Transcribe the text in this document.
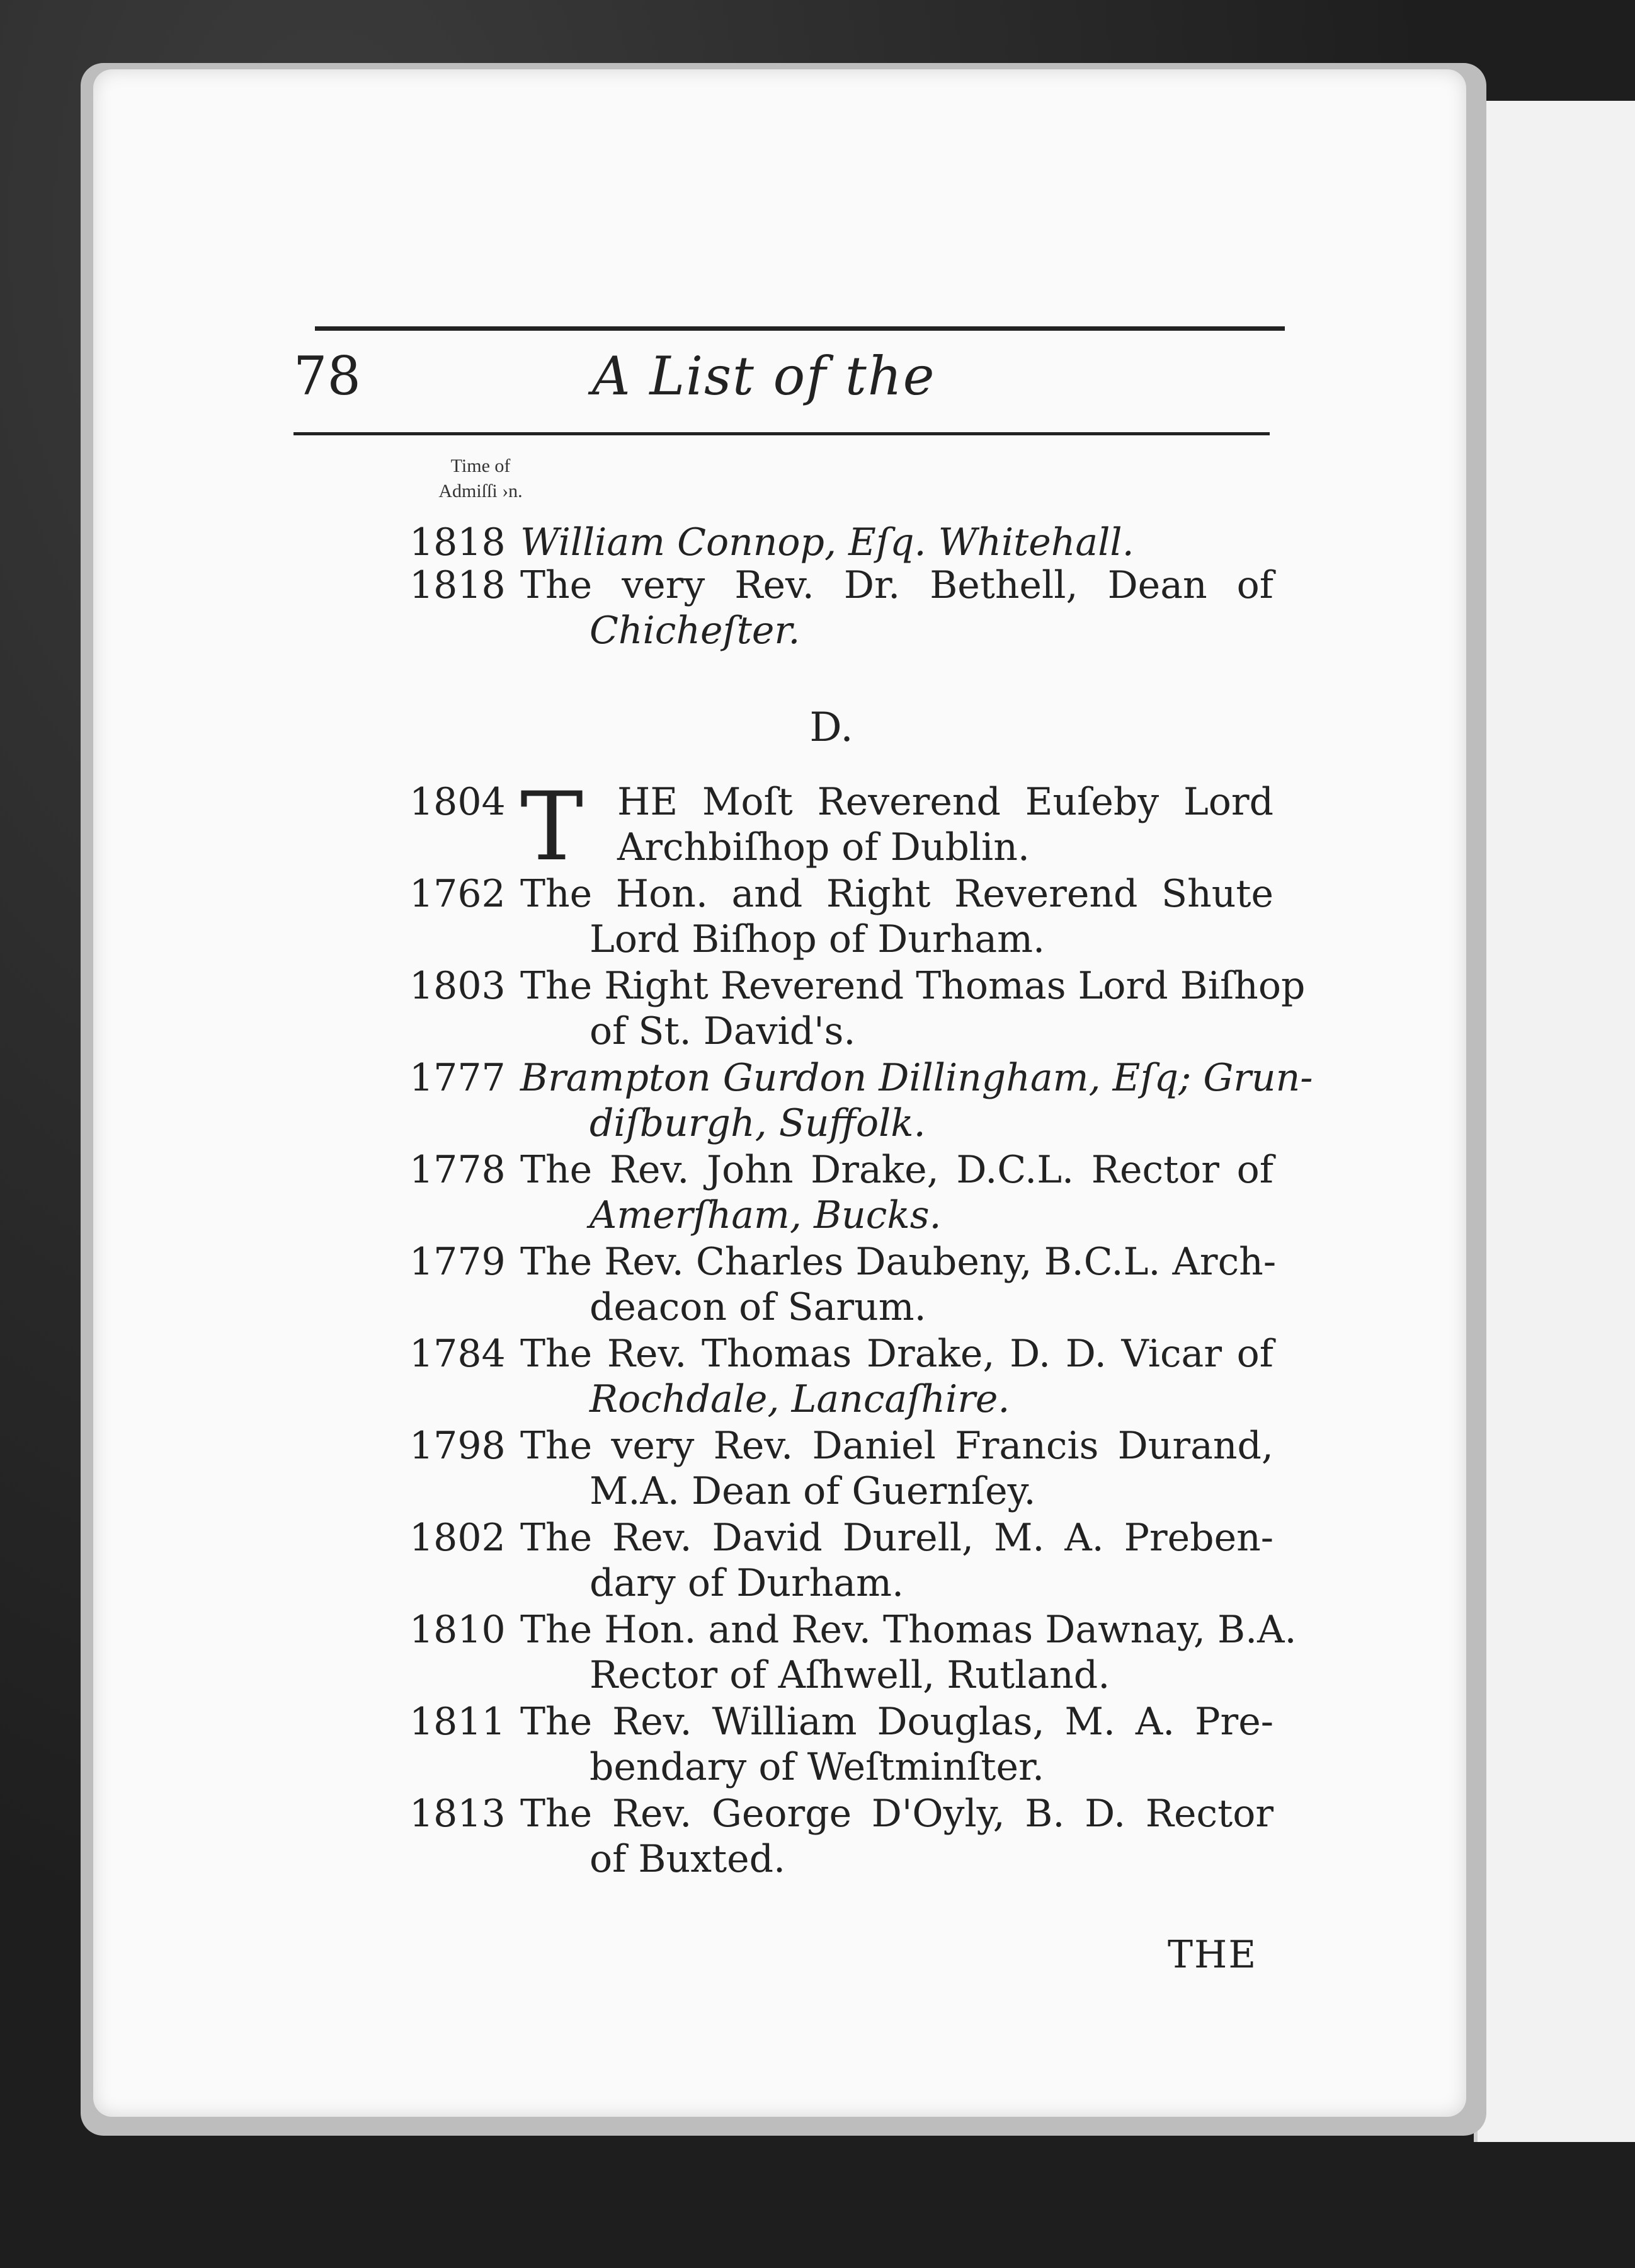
78	A List of the
Time of
Admiſſi ›n.
1818 William Connop, Eſq. Whitehall.
1818 The very Rev. Dr. Bethell, Dean of
Chicheſter.
D.
1804 T HE Moſt Reverend Euſeby Lord
Archbiſhop of Dublin.
1762 The Hon. and Right Reverend Shute
Lord Biſhop of Durham.
1803 The Right Reverend Thomas Lord Biſhop
of St. David's.
1777 Brampton Gurdon Dillingham, Eſq; Grun-
diſburgh, Suffolk.
1778 The Rev. John Drake, D.C.L. Rector of
Amerſham, Bucks.
1779 The Rev. Charles Daubeny, B.C.L. Arch-
deacon of Sarum.
1784 The Rev. Thomas Drake, D. D. Vicar of
Rochdale, Lancaſhire.
1798 The very Rev. Daniel Francis Durand,
M.A. Dean of Guernſey.
1802 The Rev. David Durell, M. A. Preben-
dary of Durham.
1810 The Hon. and Rev. Thomas Dawnay, B.A.
Rector of Aſhwell, Rutland.
1811 The Rev. William Douglas, M. A. Pre-
bendary of Weſtminſter.
1813 The Rev. George D'Oyly, B. D. Rector
of Buxted.
THE
